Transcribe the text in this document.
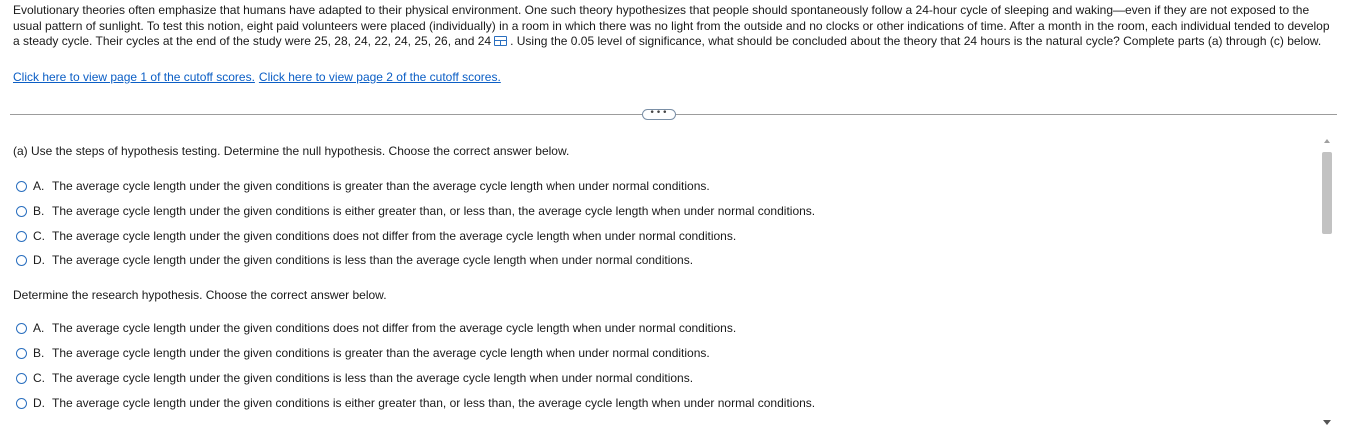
Evolutionary theories often emphasize that humans have adapted to their physical environment. One such theory hypothesizes that people should spontaneously follow a 24-hour cycle of sleeping and waking—even if they are not exposed to the usual pattern of sunlight. To test this notion, eight paid volunteers were placed (individually) in a room in which there was no light from the outside and no clocks or other indications of time. After a month in the room, each individual tended to develop a steady cycle. Their cycles at the end of the study were 25, 28, 24, 22, 24, 25, 26, and 24 . Using the 0.05 level of significance, what should be concluded about the theory that 24 hours is the natural cycle? Complete parts (a) through (c) below.
Click here to view page 1 of the cutoff scores. Click here to view page 2 of the cutoff scores.
•••
(a) Use the steps of hypothesis testing. Determine the null hypothesis. Choose the correct answer below.
A. The average cycle length under the given conditions is greater than the average cycle length when under normal conditions.
B. The average cycle length under the given conditions is either greater than, or less than, the average cycle length when under normal conditions.
C. The average cycle length under the given conditions does not differ from the average cycle length when under normal conditions.
D. The average cycle length under the given conditions is less than the average cycle length when under normal conditions.
Determine the research hypothesis. Choose the correct answer below.
A. The average cycle length under the given conditions does not differ from the average cycle length when under normal conditions.
B. The average cycle length under the given conditions is greater than the average cycle length when under normal conditions.
C. The average cycle length under the given conditions is less than the average cycle length when under normal conditions.
D. The average cycle length under the given conditions is either greater than, or less than, the average cycle length when under normal conditions.
